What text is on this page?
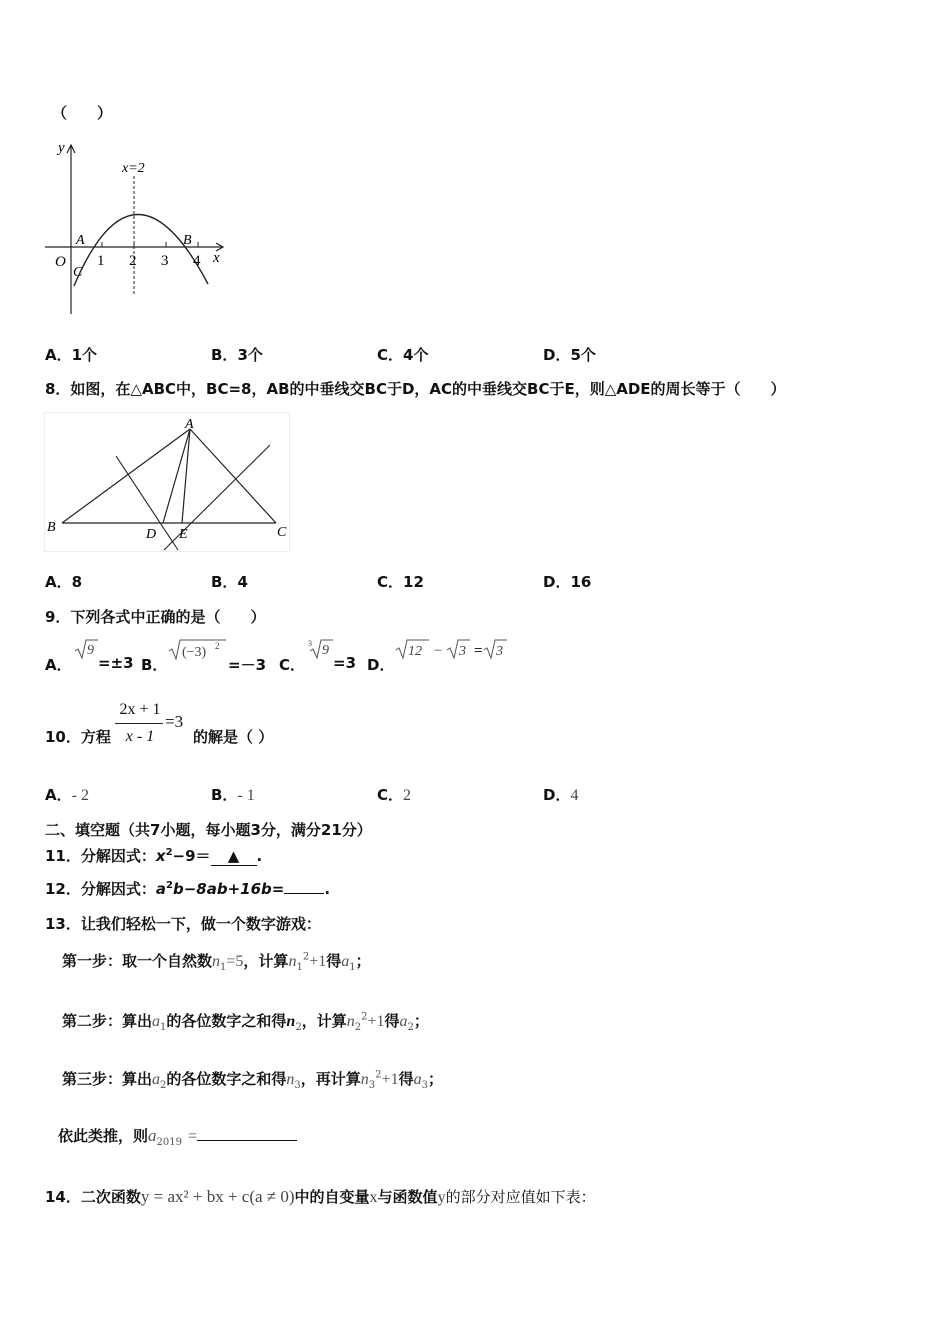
（　　）
y
x
x=2
O
A	B
C
1 2 3 4
A．1个	B．3个	C．4个	D．5个
8．如图，在△ABC中，BC=8，AB的中垂线交BC于D，AC的中垂线交BC于E，则△ADE的周长等于（　　）
A
B	C
D E
A．8	B．4	C．12	D．16
9．下列各式中正确的是（　　）
A．
9
=±3 B．
(−3) 2
=－3 C．
3 9
=3 D．
12 − 3 = 3
10．方程
2x + 1
x - 1
=3
的解是（ ）
A．- 2	B．- 1	C．2	D．4
二、填空题（共7小题，每小题3分，满分21分）
11．分解因式：$x^2-9=$ ▲ .
12．分解因式：$a^2b-8ab+16b=$	.
13．让我们轻松一下，做一个数字游戏：
第一步：取一个自然数$n_1=5$，计算$n_1^2+1$得$a_1$；
第二步：算出$a_1$的各位数字之和得$n_2$，计算$n_2^2+1$得$a_2$；
第三步：算出$a_2$的各位数字之和得$n_3$，再计算$n_3^2+1$得$a_3$；
依此类推，则$a_{2019}$ =
14．二次函数y = ax² + bx + c(a ≠ 0)中的自变量x与函数值y的部分对应值如下表：
